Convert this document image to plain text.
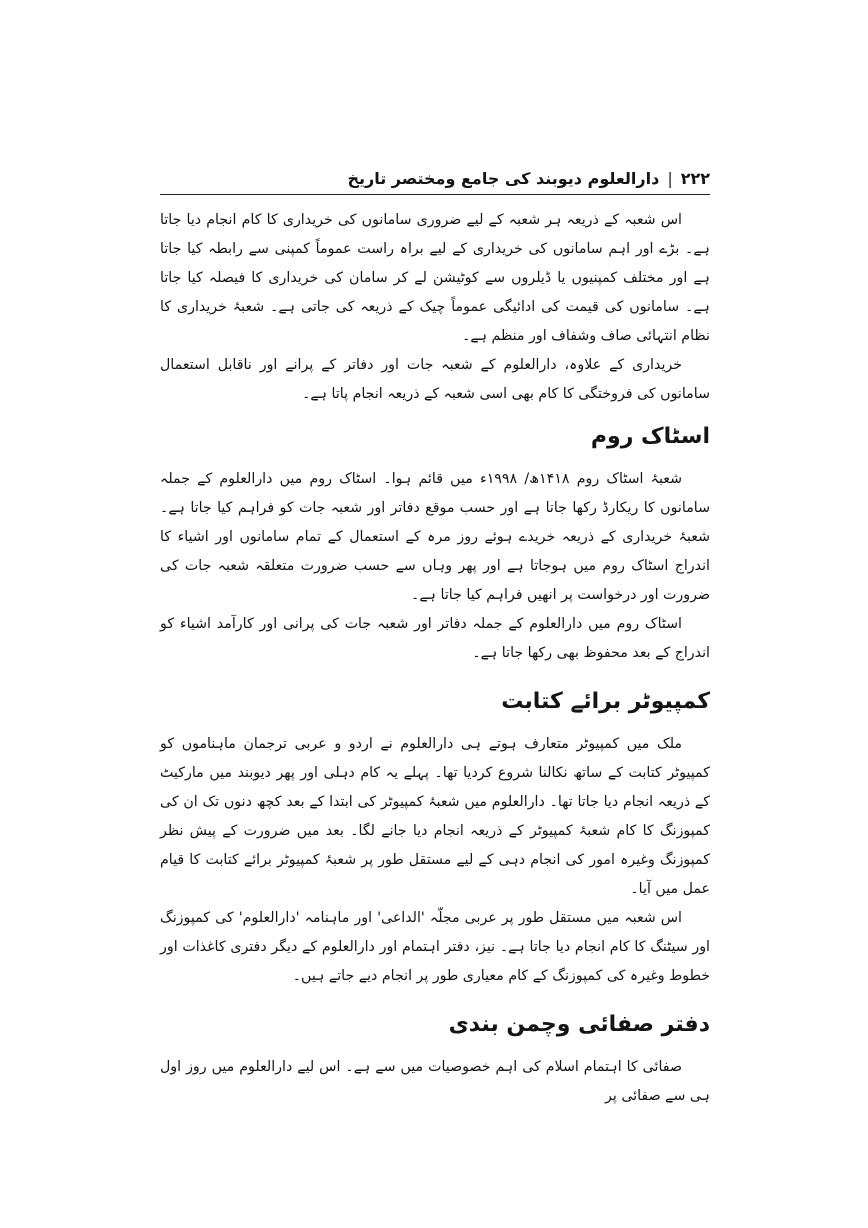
۲۲۲
|
دارالعلوم دیوبند کی جامع ومختصر تاریخ

اس شعبہ کے ذریعہ ہر شعبہ کے لیے ضروری سامانوں کی خریداری کا کام انجام دیا جاتا ہے۔ بڑے اور اہم سامانوں کی خریداری کے لیے براہ راست عموماً کمپنی سے رابطہ کیا جاتا ہے اور مختلف کمپنیوں یا ڈیلروں سے کوٹیشن لے کر سامان کی خریداری کا فیصلہ کیا جاتا ہے۔ سامانوں کی قیمت کی ادائیگی عموماً چیک کے ذریعہ کی جاتی ہے۔ شعبۂ خریداری کا نظام انتہائی صاف وشفاف اور منظم ہے۔

خریداری کے علاوہ، دارالعلوم کے شعبہ جات اور دفاتر کے پرانے اور ناقابل استعمال سامانوں کی فروختگی کا کام بھی اسی شعبہ کے ذریعہ انجام پاتا ہے۔

اسٹاک روم

شعبۂ اسٹاک روم ۱۴۱۸ھ/ ۱۹۹۸ء میں قائم ہوا۔ اسٹاک روم میں دارالعلوم کے جملہ سامانوں کا ریکارڈ رکھا جاتا ہے اور حسب موقع دفاتر اور شعبہ جات کو فراہم کیا جاتا ہے۔ شعبۂ خریداری کے ذریعہ خریدے ہوئے روز مرہ کے استعمال کے تمام سامانوں اور اشیاء کا اندراج اسٹاک روم میں ہوجاتا ہے اور پھر وہاں سے حسب ضرورت متعلقہ شعبہ جات کی ضرورت اور درخواست پر انھیں فراہم کیا جاتا ہے۔

اسٹاک روم میں دارالعلوم کے جملہ دفاتر اور شعبہ جات کی پرانی اور کارآمد اشیاء کو اندراج کے بعد محفوظ بھی رکھا جاتا ہے۔

کمپیوٹر برائے کتابت

ملک میں کمپیوٹر متعارف ہوتے ہی دارالعلوم نے اردو و عربی ترجمان ماہناموں کو کمپیوٹر کتابت کے ساتھ نکالنا شروع کردیا تھا۔ پہلے یہ کام دہلی اور پھر دیوبند میں مارکیٹ کے ذریعہ انجام دیا جاتا تھا۔ دارالعلوم میں شعبۂ کمپیوٹر کی ابتدا کے بعد کچھ دنوں تک ان کی کمپوزنگ کا کام شعبۂ کمپیوٹر کے ذریعہ انجام دیا جانے لگا۔ بعد میں ضرورت کے پیش نظر کمپوزنگ وغیرہ امور کی انجام دہی کے لیے مستقل طور پر شعبۂ کمپیوٹر برائے کتابت کا قیام عمل میں آیا۔

اس شعبہ میں مستقل طور پر عربی مجلّہ 'الداعی' اور ماہنامہ 'دارالعلوم' کی کمپوزنگ اور سیٹنگ کا کام انجام دیا جاتا ہے۔ نیز، دفتر اہتمام اور دارالعلوم کے دیگر دفتری کاغذات اور خطوط وغیرہ کی کمپوزنگ کے کام معیاری طور پر انجام دیے جاتے ہیں۔

دفتر صفائی وچمن بندی

صفائی کا اہتمام اسلام کی اہم خصوصیات میں سے ہے۔ اس لیے دارالعلوم میں روز اول ہی سے صفائی پر
